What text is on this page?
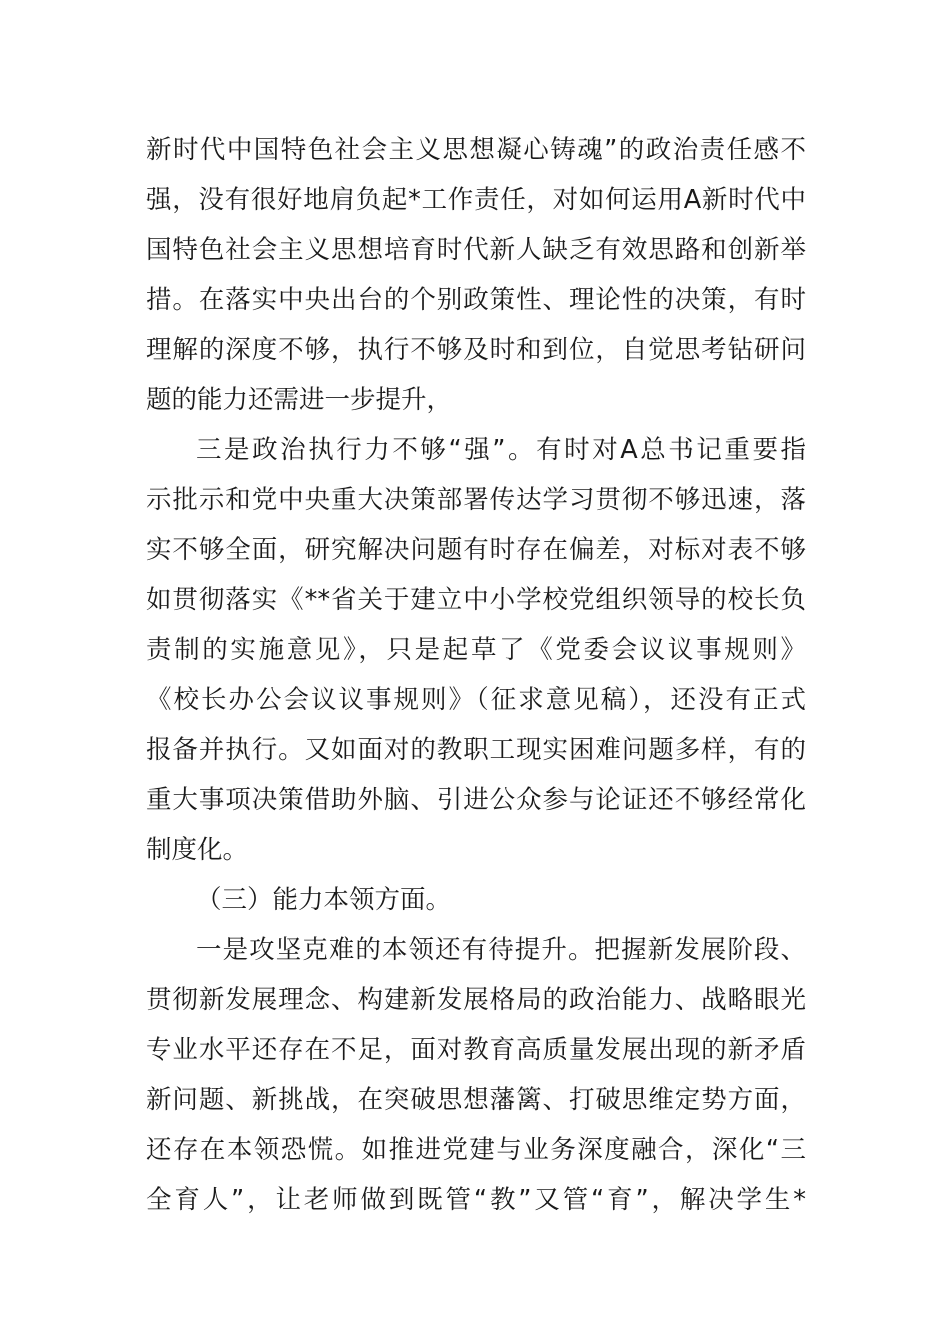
新时代中国特色社会主义思想凝心铸魂”的政治责任感不
强，没有很好地肩负起*工作责任，对如何运用A新时代中
国特色社会主义思想培育时代新人缺乏有效思路和创新举
措。在落实中央出台的个别政策性、理论性的决策，有时
理解的深度不够，执行不够及时和到位，自觉思考钻研问
题的能力还需进一步提升，
三是政治执行力不够“强”。有时对A总书记重要指
示批示和党中央重大决策部署传达学习贯彻不够迅速，落
实不够全面，研究解决问题有时存在偏差，对标对表不够
如贯彻落实《**省关于建立中小学校党组织领导的校长负
责制的实施意见》，只是起草了《党委会议议事规则》
《校长办公会议议事规则》（征求意见稿），还没有正式
报备并执行。又如面对的教职工现实困难问题多样，有的
重大事项决策借助外脑、引进公众参与论证还不够经常化
制度化。
（三）能力本领方面。
一是攻坚克难的本领还有待提升。把握新发展阶段、
贯彻新发展理念、构建新发展格局的政治能力、战略眼光
专业水平还存在不足，面对教育高质量发展出现的新矛盾
新问题、新挑战，在突破思想藩篱、打破思维定势方面，
还存在本领恐慌。如推进党建与业务深度融合，深化“三
全育人”，让老师做到既管“教”又管“育”，解决学生*
